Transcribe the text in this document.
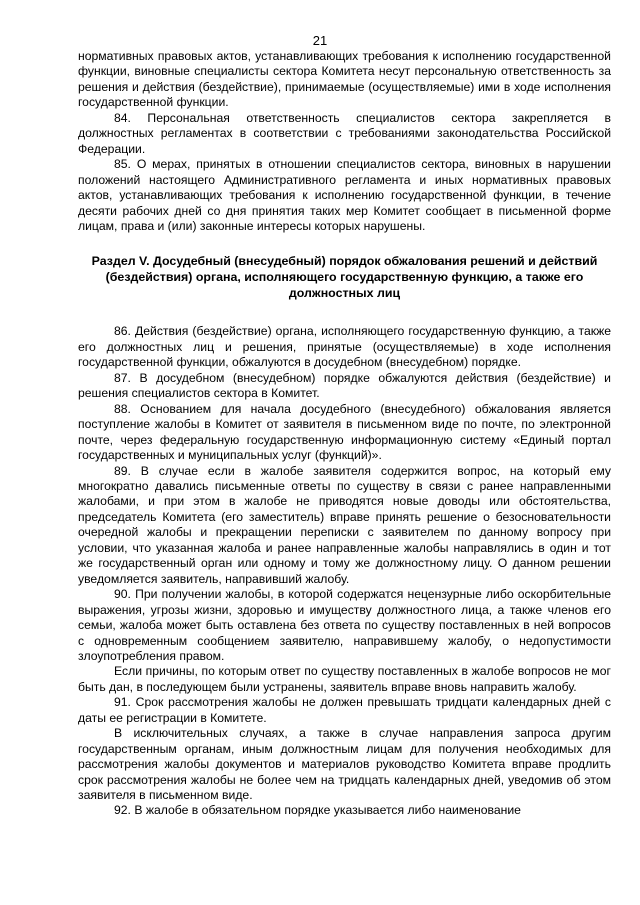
21

нормативных правовых актов, устанавливающих требования к исполнению государственной функции, виновные специалисты сектора Комитета несут персональную ответственность за решения и действия (бездействие), принимаемые (осуществляемые) ими в ходе исполнения государственной функции.

84. Персональная ответственность специалистов сектора закрепляется в должностных регламентах в соответствии с требованиями законодательства Российской Федерации.

85. О мерах, принятых в отношении специалистов сектора, виновных в нарушении положений настоящего Административного регламента и иных нормативных правовых актов, устанавливающих требования к исполнению государственной функции, в течение десяти рабочих дней со дня принятия таких мер Комитет сообщает в письменной форме лицам, права и (или) законные интересы которых нарушены.

Раздел V. Досудебный (внесудебный) порядок обжалования решений и действий (бездействия) органа, исполняющего государственную функцию, а также его должностных лиц

86. Действия (бездействие) органа, исполняющего государственную функцию, а также его должностных лиц и решения, принятые (осуществляемые) в ходе исполнения государственной функции, обжалуются в досудебном (внесудебном) порядке.

87. В досудебном (внесудебном) порядке обжалуются действия (бездействие) и решения специалистов сектора в Комитет.

88. Основанием для начала досудебного (внесудебного) обжалования является поступление жалобы в Комитет от заявителя в письменном виде по почте, по электронной почте, через федеральную государственную информационную систему «Единый портал государственных и муниципальных услуг (функций)».

89. В случае если в жалобе заявителя содержится вопрос, на который ему многократно давались письменные ответы по существу в связи с ранее направленными жалобами, и при этом в жалобе не приводятся новые доводы или обстоятельства, председатель Комитета (его заместитель) вправе принять решение о безосновательности очередной жалобы и прекращении переписки с заявителем по данному вопросу при условии, что указанная жалоба и ранее направленные жалобы направлялись в один и тот же государственный орган или одному и тому же должностному лицу. О данном решении уведомляется заявитель, направивший жалобу.

90. При получении жалобы, в которой содержатся нецензурные либо оскорбительные выражения, угрозы жизни, здоровью и имуществу должностного лица, а также членов его семьи, жалоба может быть оставлена без ответа по существу поставленных в ней вопросов с одновременным сообщением заявителю, направившему жалобу, о недопустимости злоупотребления правом.

Если причины, по которым ответ по существу поставленных в жалобе вопросов не мог быть дан, в последующем были устранены, заявитель вправе вновь направить жалобу.

91. Срок рассмотрения жалобы не должен превышать тридцати календарных дней с даты ее регистрации в Комитете.

В исключительных случаях, а также в случае направления запроса другим государственным органам, иным должностным лицам для получения необходимых для рассмотрения жалобы документов и материалов руководство Комитета вправе продлить срок рассмотрения жалобы не более чем на тридцать календарных дней, уведомив об этом заявителя в письменном виде.

92. В жалобе в обязательном порядке указывается либо наименование
